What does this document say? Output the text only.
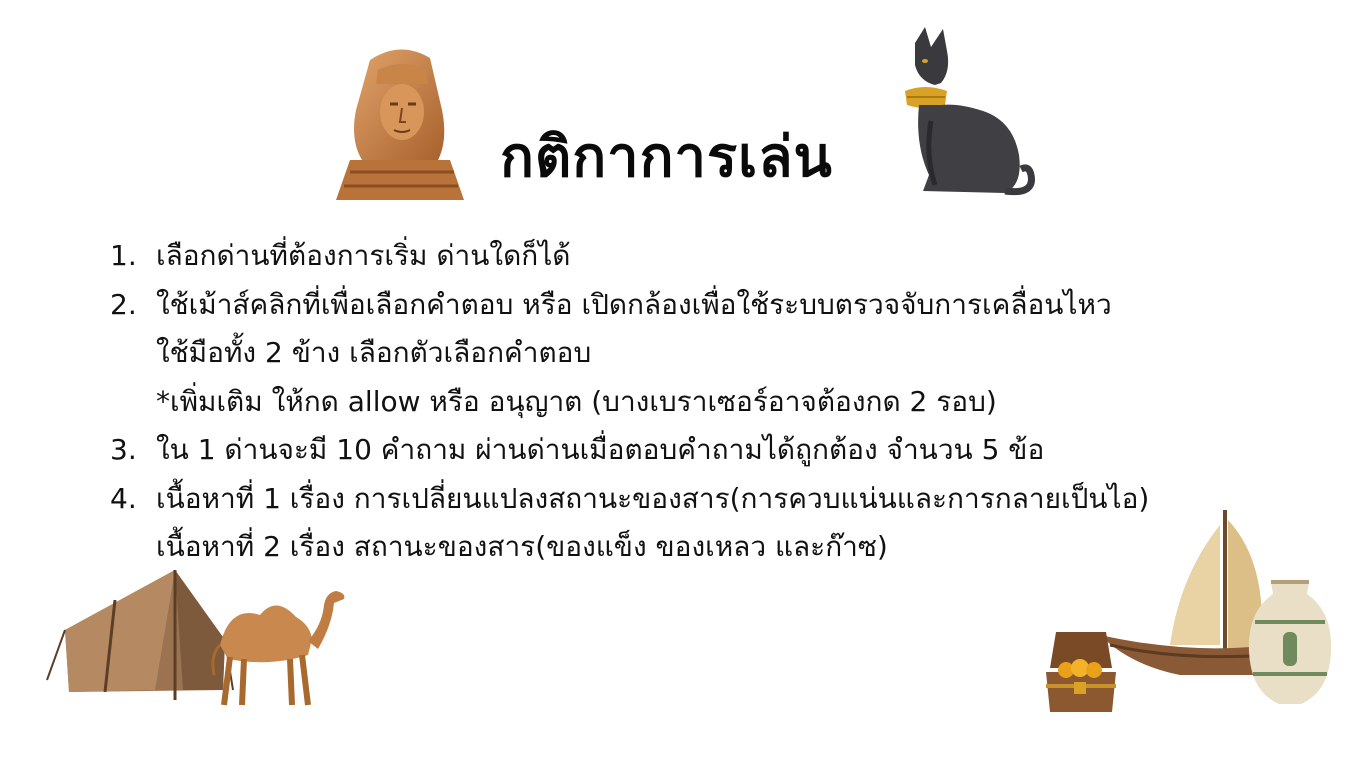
กติกาการเล่น
1. เลือกด่านที่ต้องการเริ่ม ด่านใดก็ได้
2. ใช้เม้าส์คลิกที่เพื่อเลือกคำตอบ หรือ เปิดกล้องเพื่อใช้ระบบตรวจจับการเคลื่อนไหว
ใช้มือทั้ง 2 ข้าง เลือกตัวเลือกคำตอบ
*เพิ่มเติม ให้กด allow หรือ อนุญาต (บางเบราเซอร์อาจต้องกด 2 รอบ)
3. ใน 1 ด่านจะมี 10 คำถาม ผ่านด่านเมื่อตอบคำถามได้ถูกต้อง จำนวน 5 ข้อ
4. เนื้อหาที่ 1 เรื่อง การเปลี่ยนแปลงสถานะของสาร(การควบแน่นและการกลายเป็นไอ)
เนื้อหาที่ 2 เรื่อง สถานะของสาร(ของแข็ง ของเหลว และก๊าซ)
